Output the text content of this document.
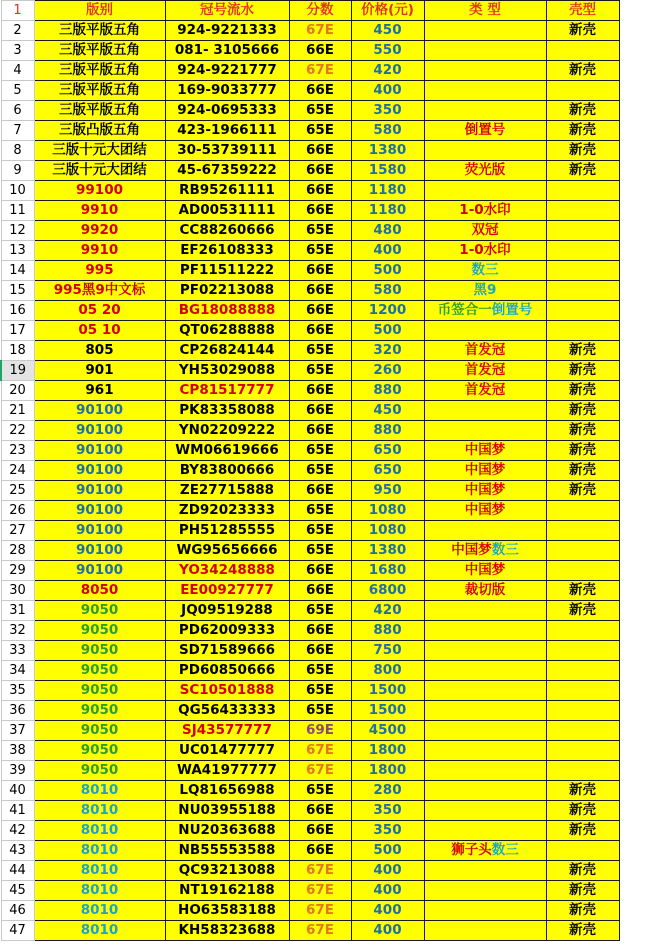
1	版别	冠号流水	分数	价格(元)	类 型	壳型
2	三版平版五角	924-9221333	67E	450		新壳
3	三版平版五角	081- 3105666	66E	550		
4	三版平版五角	924-9221777	67E	420		新壳
5	三版平版五角	169-9033777	66E	400		
6	三版平版五角	924-0695333	65E	350		新壳
7	三版凸版五角	423-1966111	65E	580	倒置号	新壳
8	三版十元大团结	30-53739111	66E	1380		新壳
9	三版十元大团结	45-67359222	66E	1580	荧光版	新壳
10	99100	RB95261111	66E	1180		
11	9910	AD00531111	66E	1180	1-0水印	
12	9920	CC88260666	65E	480	双冠	
13	9910	EF26108333	65E	400	1-0水印	
14	995	PF11511222	66E	500	数三	
15	995黑9中文标	PF02213088	66E	580	黑9	
16	05 20	BG18088888	66E	1200	币签合一倒置号	
17	05 10	QT06288888	66E	500		
18	805	CP26824144	65E	320	首发冠	新壳
19	901	YH53029088	65E	260	首发冠	新壳
20	961	CP81517777	66E	880	首发冠	新壳
21	90100	PK83358088	66E	450		新壳
22	90100	YN02209222	66E	880		新壳
23	90100	WM06619666	65E	650	中国梦	新壳
24	90100	BY83800666	65E	650	中国梦	新壳
25	90100	ZE27715888	66E	950	中国梦	新壳
26	90100	ZD92023333	65E	1080	中国梦	
27	90100	PH51285555	65E	1080		
28	90100	WG95656666	65E	1380	中国梦数三	
29	90100	YO34248888	66E	1680	中国梦	
30	8050	EE00927777	66E	6800	裁切版	新壳
31	9050	JQ09519288	65E	420		新壳
32	9050	PD62009333	66E	880		
33	9050	SD71589666	66E	750		
34	9050	PD60850666	65E	800		
35	9050	SC10501888	65E	1500		
36	9050	QG56433333	65E	1500		
37	9050	SJ43577777	69E	4500		
38	9050	UC01477777	67E	1800		
39	9050	WA41977777	67E	1800		
40	8010	LQ81656988	65E	280		新壳
41	8010	NU03955188	66E	350		新壳
42	8010	NU20363688	66E	350		新壳
43	8010	NB55553588	66E	500	狮子头数三	
44	8010	QC93213088	67E	400		新壳
45	8010	NT19162188	67E	400		新壳
46	8010	HO63583188	67E	400		新壳
47	8010	KH58323688	67E	400		新壳
